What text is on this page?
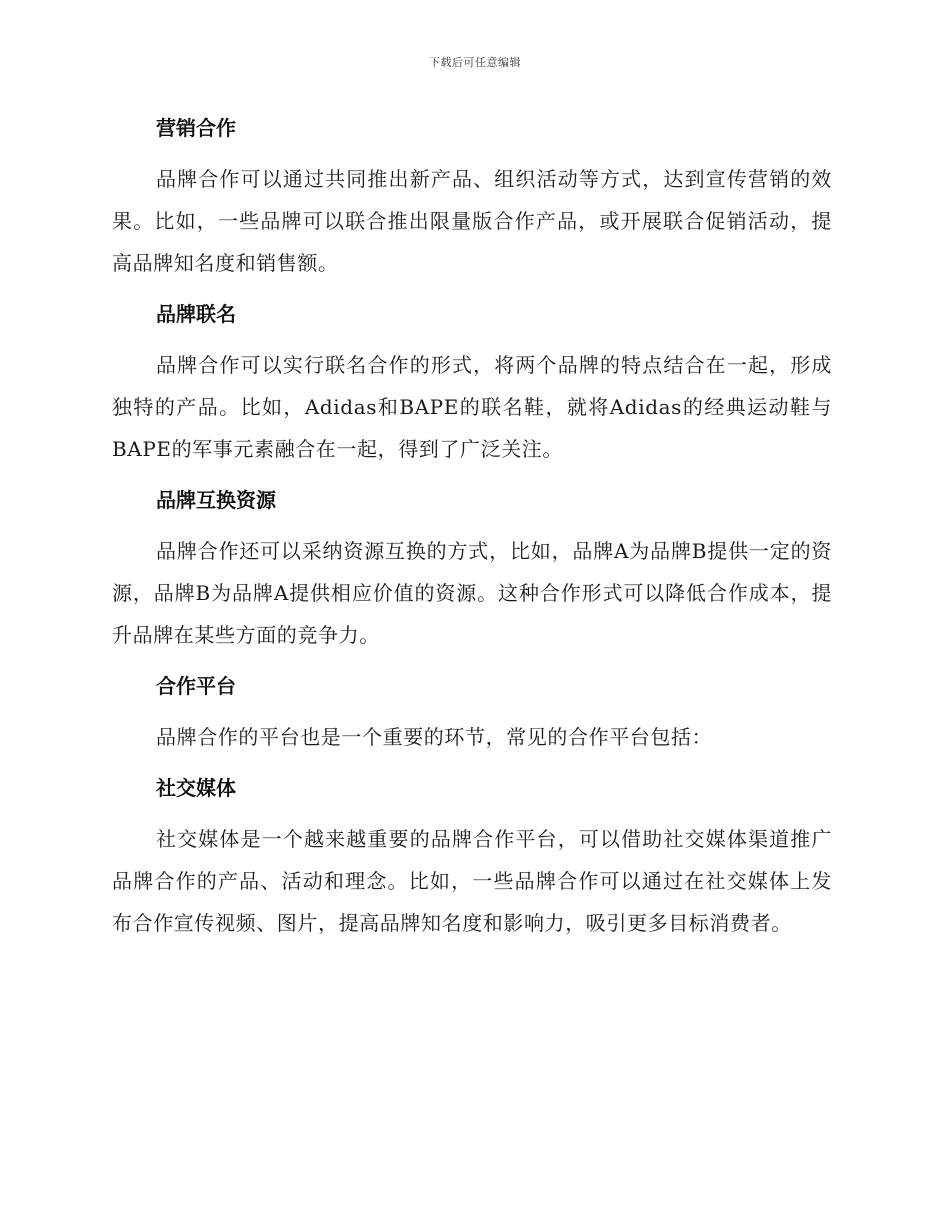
下载后可任意编辑
营销合作

品牌合作可以通过共同推出新产品、组织活动等方式，达到宣传营销的效果。比如，一些品牌可以联合推出限量版合作产品，或开展联合促销活动，提高品牌知名度和销售额。

品牌联名

品牌合作可以实行联名合作的形式，将两个品牌的特点结合在一起，形成独特的产品。比如，Adidas和BAPE的联名鞋，就将Adidas的经典运动鞋与BAPE的军事元素融合在一起，得到了广泛关注。

品牌互换资源

品牌合作还可以采纳资源互换的方式，比如，品牌A为品牌B提供一定的资源，品牌B为品牌A提供相应价值的资源。这种合作形式可以降低合作成本，提升品牌在某些方面的竞争力。

合作平台

品牌合作的平台也是一个重要的环节，常见的合作平台包括：

社交媒体

社交媒体是一个越来越重要的品牌合作平台，可以借助社交媒体渠道推广品牌合作的产品、活动和理念。比如，一些品牌合作可以通过在社交媒体上发布合作宣传视频、图片，提高品牌知名度和影响力，吸引更多目标消费者。
